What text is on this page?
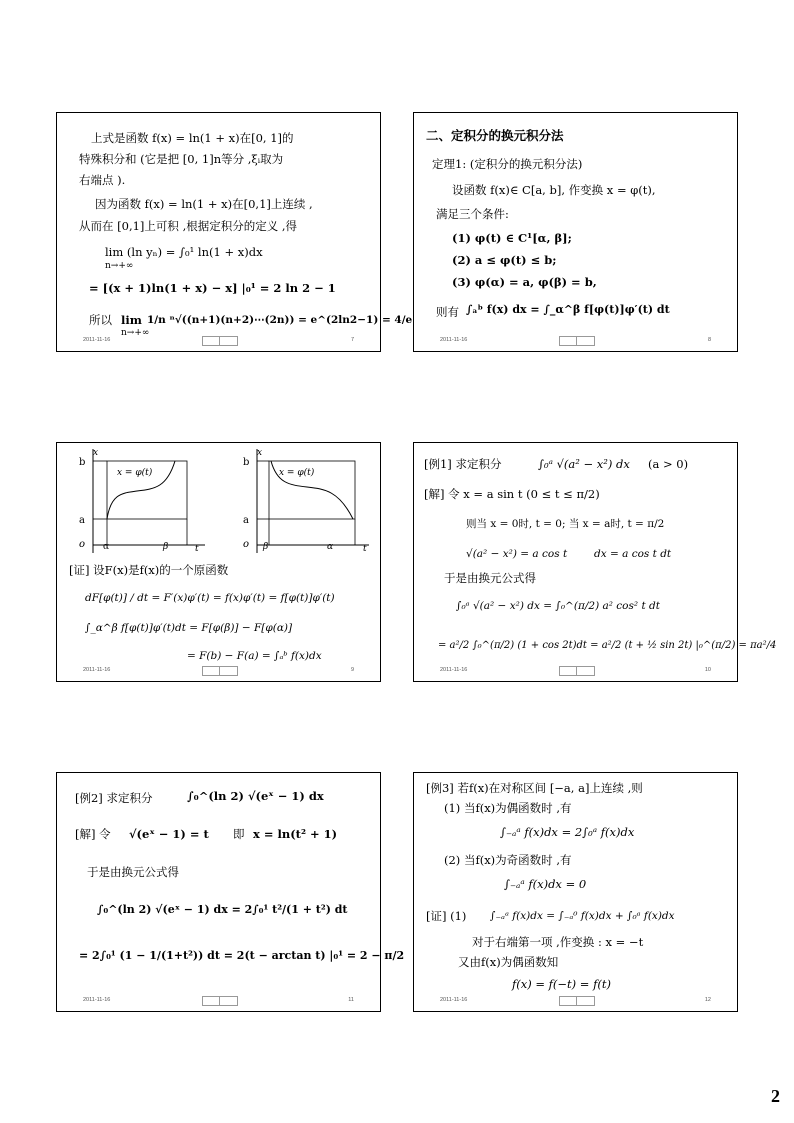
上式是函数 f(x) = ln(1 + x)在[0, 1]的
特殊积分和 (它是把 [0, 1]n等分 ,ξᵢ取为
右端点 ).
因为函数 f(x) = ln(1 + x)在[0,1]上连续 ,
从而在 [0,1]上可积 ,根据定积分的定义 ,得
lim (ln yₙ) = ∫₀¹ ln(1 + x)dx
n→+∞
= [(x + 1)ln(1 + x) − x] |₀¹ = 2 ln 2 − 1
所以 lim
n→+∞
1/n ⁿ√((n+1)(n+2)⋯(2n)) = e^(2ln2−1) = 4/e
2011-11-16	7
二、定积分的换元积分法
定理1: (定积分的换元积分法)
设函数 f(x)∈ C[a, b], 作变换 x = φ(t),
满足三个条件:
(1) φ(t) ∈ C¹[α, β];
(2) a ≤ φ(t) ≤ b;
(3) φ(α) = a, φ(β) = b,
则有 ∫ₐᵇ f(x) dx = ∫_α^β f[φ(t)]φ′(t) dt
2011-11-16	8
x
b
a
o α	β	t
x = φ(t)
x
b
a
o β	α	t
x = φ(t)
[证] 设F(x)是f(x)的一个原函数
dF[φ(t)] / dt = F′(x)φ′(t) = f(x)φ′(t) = f[φ(t)]φ′(t)
∫_α^β f[φ(t)]φ′(t)dt = F[φ(β)] − F[φ(α)]
= F(b) − F(a) = ∫ₐᵇ f(x)dx
2011-11-16	9
[例1] 求定积分	∫₀ᵃ √(a² − x²) dx (a > 0)
[解] 令 x = a sin t (0 ≤ t ≤ π/2)
则当 x = 0时, t = 0; 当 x = a时, t = π/2
√(a² − x²) = a cos t	dx = a cos t dt
于是由换元公式得
∫₀ᵃ √(a² − x²) dx = ∫₀^(π/2) a² cos² t dt
= a²/2 ∫₀^(π/2) (1 + cos 2t)dt = a²/2 (t + ½ sin 2t) |₀^(π/2) = πa²/4
2011-11-16	10
[例2] 求定积分	∫₀^(ln 2) √(eˣ − 1) dx
[解] 令 √(eˣ − 1) = t 即 x = ln(t² + 1)
于是由换元公式得
∫₀^(ln 2) √(eˣ − 1) dx = 2∫₀¹ t²/(1 + t²) dt
= 2∫₀¹ (1 − 1/(1+t²)) dt = 2(t − arctan t) |₀¹ = 2 − π/2
2011-11-16	11
[例3] 若f(x)在对称区间 [−a, a]上连续 ,则
(1) 当f(x)为偶函数时 ,有
∫₋ₐᵃ f(x)dx = 2∫₀ᵃ f(x)dx
(2) 当f(x)为奇函数时 ,有
∫₋ₐᵃ f(x)dx = 0
[证] (1) ∫₋ₐᵃ f(x)dx = ∫₋ₐ⁰ f(x)dx + ∫₀ᵃ f(x)dx
对于右端第一项 ,作变换 : x = −t
又由f(x)为偶函数知
f(x) = f(−t) = f(t)
2011-11-16	12
2
